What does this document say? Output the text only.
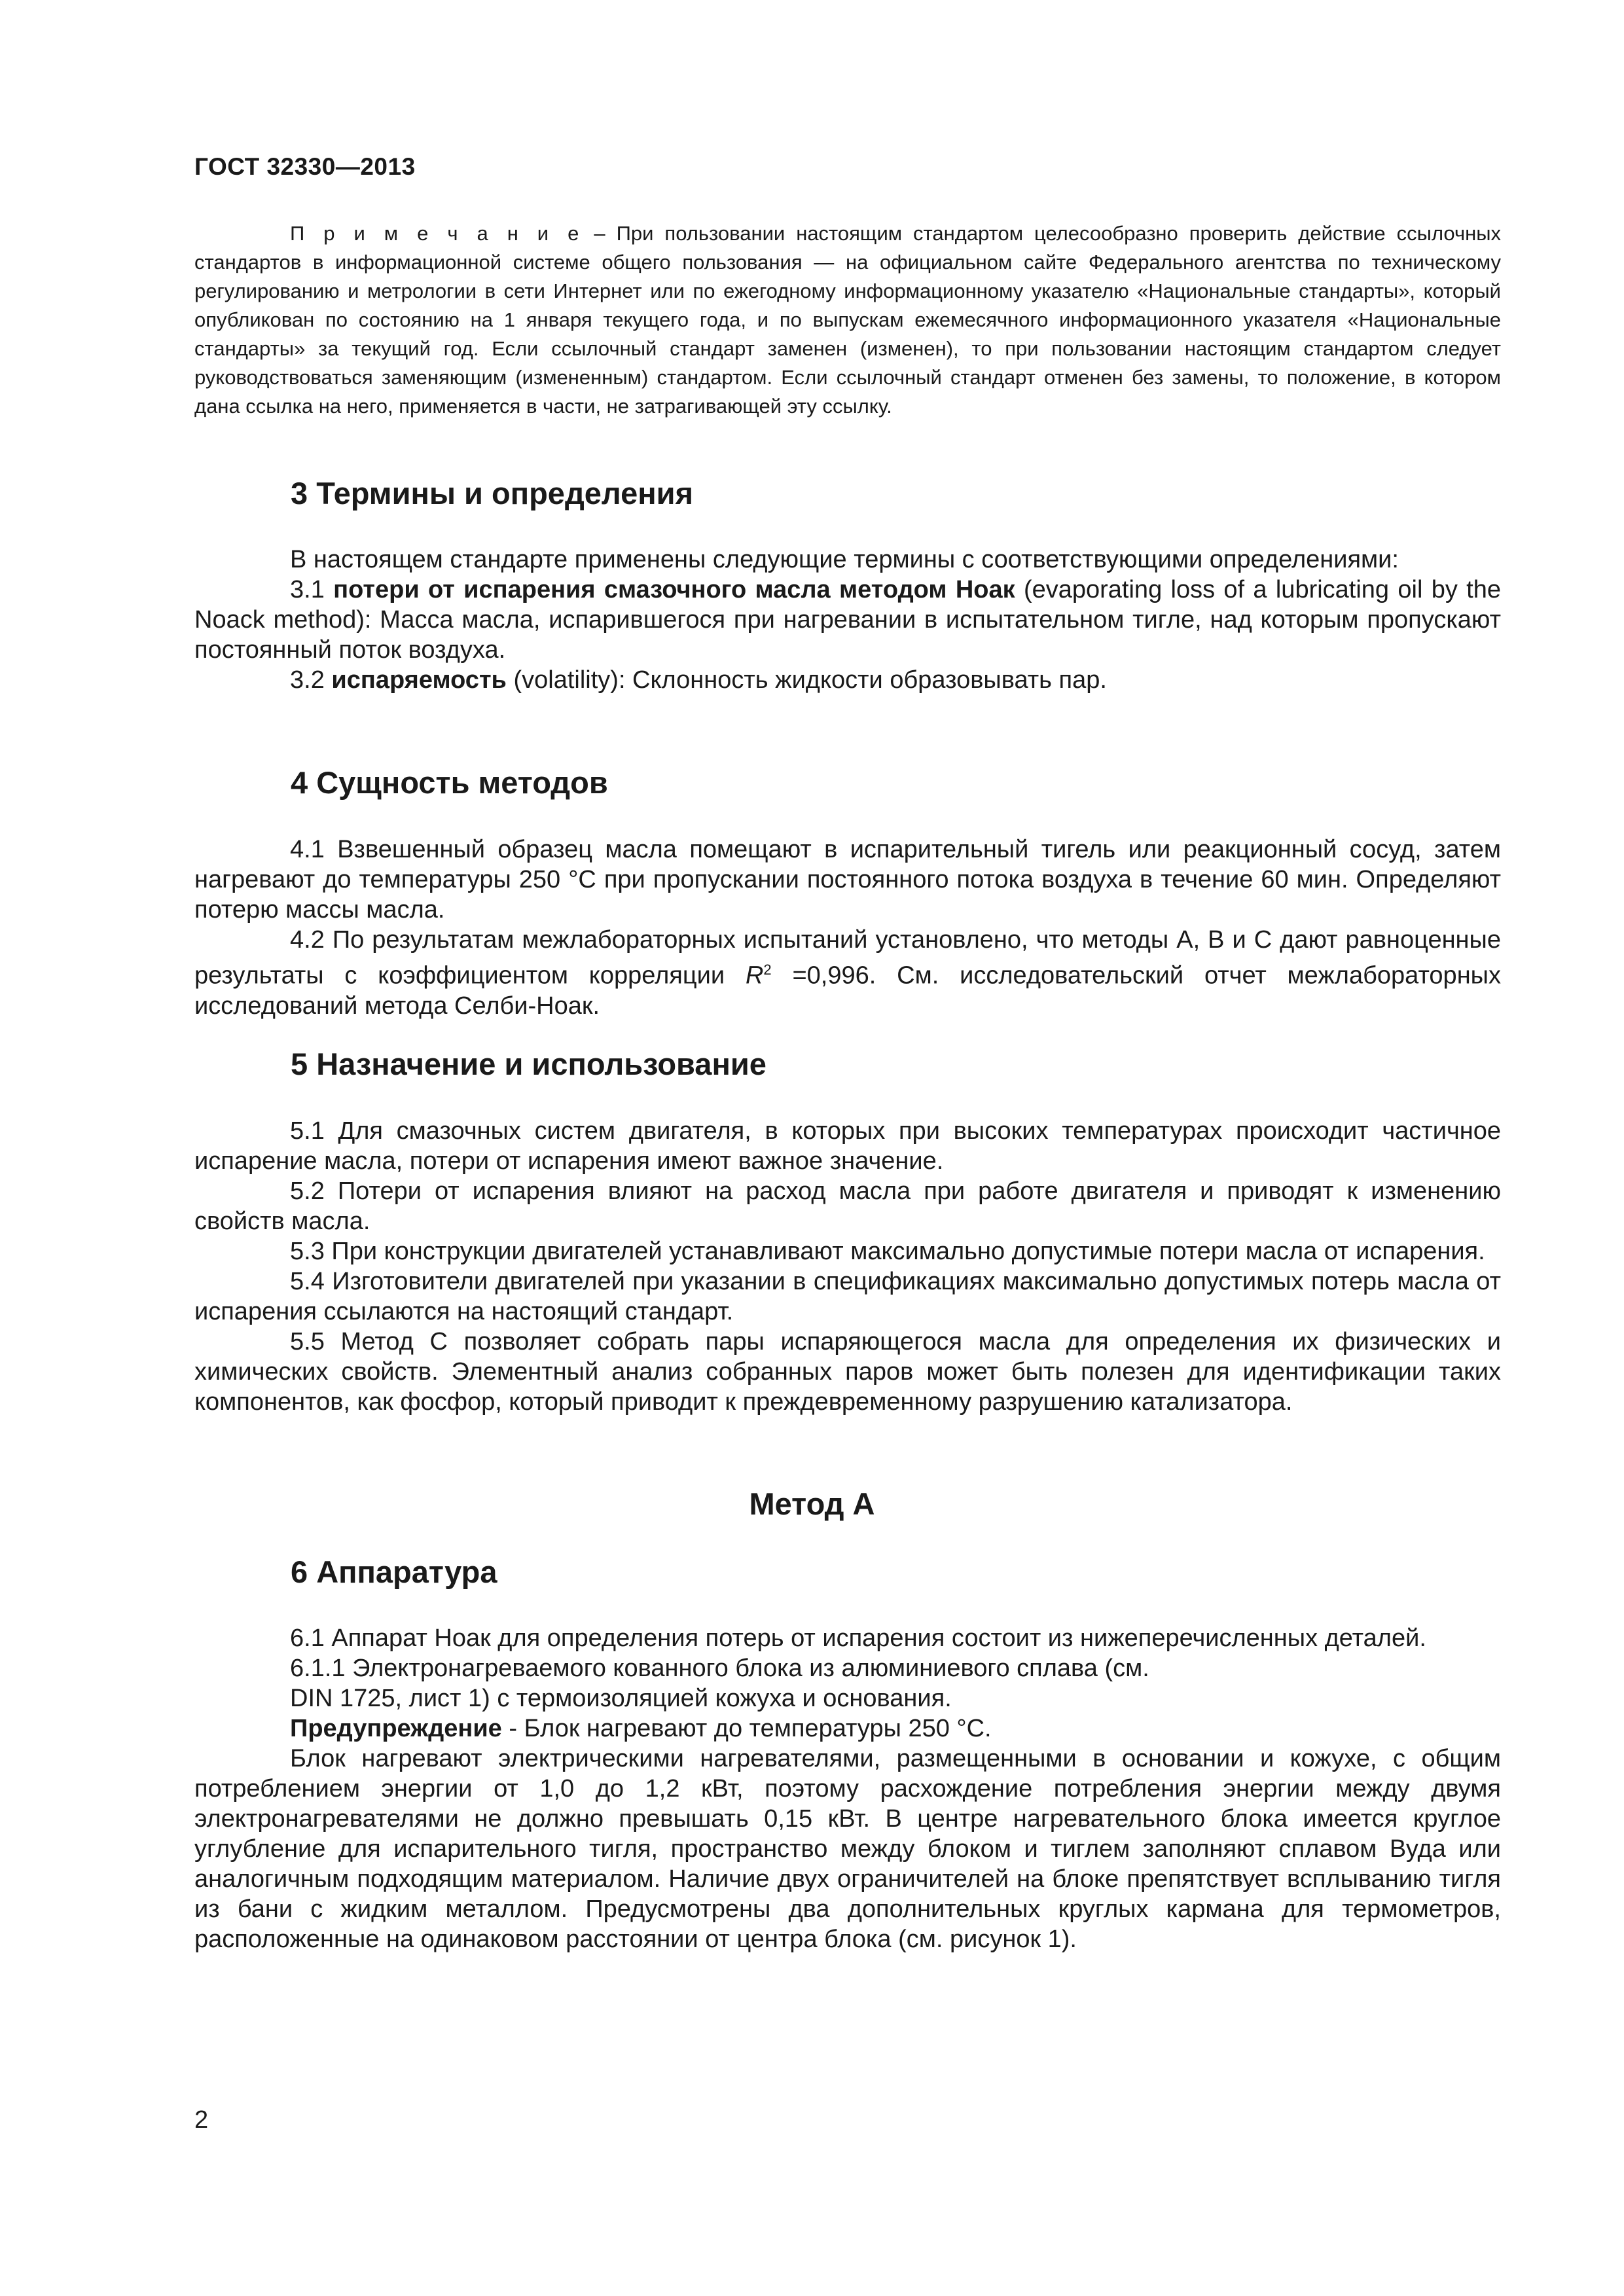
ГОСТ 32330—2013
П р и м е ч а н и е – При пользовании настоящим стандартом целесообразно проверить действие ссылочных стандартов в информационной системе общего пользования — на официальном сайте Федерального агентства по техническому регулированию и метрологии в сети Интернет или по ежегодному информационному указателю «Национальные стандарты», который опубликован по состоянию на 1 января текущего года, и по выпускам ежемесячного информационного указателя «Национальные стандарты» за текущий год. Если ссылочный стандарт заменен (изменен), то при пользовании настоящим стандартом следует руководствоваться заменяющим (измененным) стандартом. Если ссылочный стандарт отменен без замены, то положение, в котором дана ссылка на него, применяется в части, не затрагивающей эту ссылку.
3 Термины и определения

В настоящем стандарте применены следующие термины с соответствующими определениями:

3.1 потери от испарения смазочного масла методом Ноак (evaporating loss of a lubricating oil by the Noack method): Масса масла, испарившегося при нагревании в испытательном тигле, над которым пропускают постоянный поток воздуха.

3.2 испаряемость (volatility): Склонность жидкости образовывать пар.

4 Сущность методов

4.1 Взвешенный образец масла помещают в испарительный тигель или реакционный сосуд, затем нагревают до температуры 250 °С при пропускании постоянного потока воздуха в течение 60 мин. Определяют потерю массы масла.

4.2 По результатам межлабораторных испытаний установлено, что методы А, В и С дают равноценные результаты с коэффициентом корреляции $R^2 =0,996$. См. исследовательский отчет межлабораторных исследований метода Селби-Ноак.

5 Назначение и использование

5.1 Для смазочных систем двигателя, в которых при высоких температурах происходит частичное испарение масла, потери от испарения имеют важное значение.

5.2 Потери от испарения влияют на расход масла при работе двигателя и приводят к изменению свойств масла.

5.3 При конструкции двигателей устанавливают максимально допустимые потери масла от испарения.

5.4 Изготовители двигателей при указании в спецификациях максимально допустимых потерь масла от испарения ссылаются на настоящий стандарт.

5.5 Метод С позволяет собрать пары испаряющегося масла для определения их физических и химических свойств. Элементный анализ собранных паров может быть полезен для идентификации таких компонентов, как фосфор, который приводит к преждевременному разрушению катализатора.

Метод А
6 Аппаратура

6.1 Аппарат Ноак для определения потерь от испарения состоит из нижеперечисленных деталей.

6.1.1 Электронагреваемого кованного блока из алюминиевого сплава (см.

DIN 1725, лист 1) с термоизоляцией кожуха и основания.

Предупреждение - Блок нагревают до температуры 250 °С.

Блок нагревают электрическими нагревателями, размещенными в основании и кожухе, с общим потреблением энергии от 1,0 до 1,2 кВт, поэтому расхождение потребления энергии между двумя электронагревателями не должно превышать 0,15 кВт. В центре нагревательного блока имеется круглое углубление для испарительного тигля, пространство между блоком и тиглем заполняют сплавом Вуда или аналогичным подходящим материалом. Наличие двух ограничителей на блоке препятствует всплыванию тигля из бани с жидким металлом. Предусмотрены два дополнительных круглых кармана для термометров, расположенные на одинаковом расстоянии от центра блока (см. рисунок 1).

2
